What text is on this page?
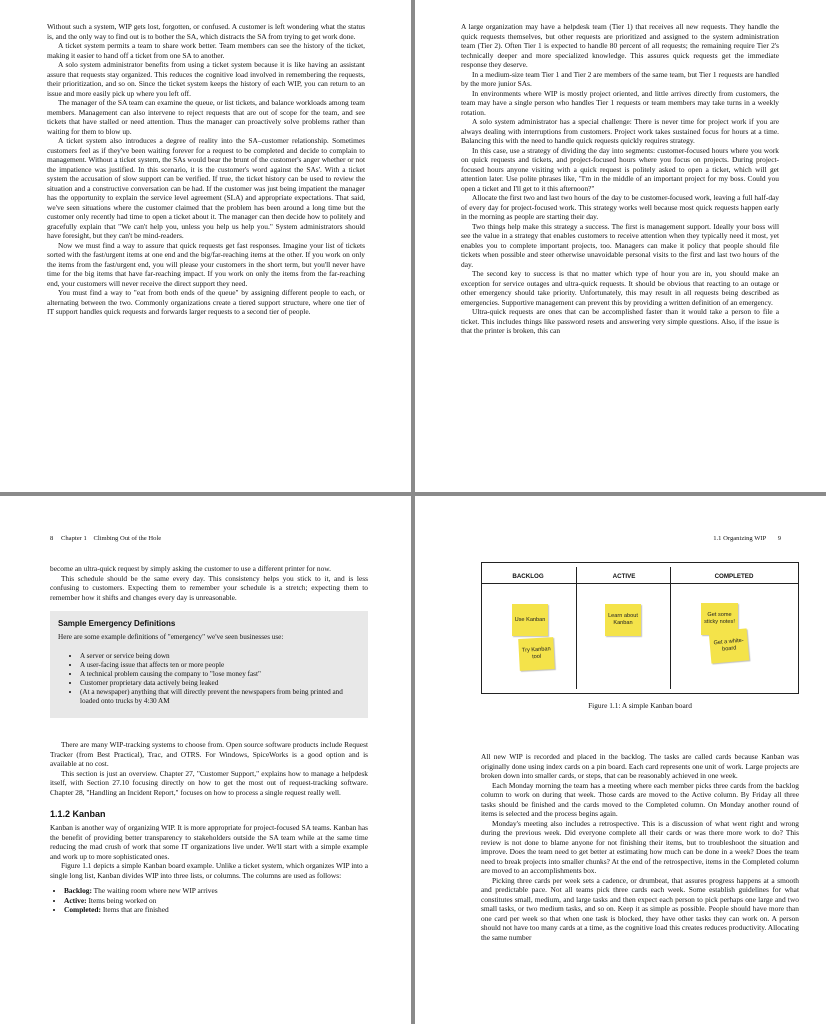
Without such a system, WIP gets lost, forgotten, or confused. A customer is left wondering what the status is, and the only way to find out is to bother the SA, which distracts the SA from trying to get work done.

A ticket system permits a team to share work better. Team members can see the history of the ticket, making it easier to hand off a ticket from one SA to another.

A solo system administrator benefits from using a ticket system because it is like having an assistant assure that requests stay organized. This reduces the cognitive load involved in remembering the requests, their prioritization, and so on. Since the ticket system keeps the history of each WIP, you can return to an issue and more easily pick up where you left off.

The manager of the SA team can examine the queue, or list tickets, and balance workloads among team members. Management can also intervene to reject requests that are out of scope for the team, and see tickets that have stalled or need attention. Thus the manager can proactively solve problems rather than waiting for them to blow up.

A ticket system also introduces a degree of reality into the SA–customer relationship. Sometimes customers feel as if they've been waiting forever for a request to be completed and decide to complain to management. Without a ticket system, the SAs would bear the brunt of the customer's anger whether or not the impatience was justified. In this scenario, it is the customer's word against the SAs'. With a ticket system the accusation of slow support can be verified. If true, the ticket history can be used to review the situation and a constructive conversation can be had. If the customer was just being impatient the manager has the opportunity to explain the service level agreement (SLA) and appropriate expectations. That said, we've seen situations where the customer claimed that the problem has been around a long time but the customer only recently had time to open a ticket about it. The manager can then decide how to politely and gracefully explain that "We can't help you, unless you help us help you." System administrators should have foresight, but they can't be mind-readers.

Now we must find a way to assure that quick requests get fast responses. Imagine your list of tickets sorted with the fast/urgent items at one end and the big/far-reaching items at the other. If you work on only the items from the fast/urgent end, you will please your customers in the short term, but you'll never have time for the big items that have far-reaching impact. If you work on only the items from the far-reaching end, your customers will never receive the direct support they need.

You must find a way to "eat from both ends of the queue" by assigning different people to each, or alternating between the two. Commonly organizations create a tiered support structure, where one tier of IT support handles quick requests and forwards larger requests to a second tier of people.

A large organization may have a helpdesk team (Tier 1) that receives all new requests. They handle the quick requests themselves, but other requests are prioritized and assigned to the system administration team (Tier 2). Often Tier 1 is expected to handle 80 percent of all requests; the remaining require Tier 2's technically deeper and more specialized knowledge. This assures quick requests get the immediate response they deserve.

In a medium-size team Tier 1 and Tier 2 are members of the same team, but Tier 1 requests are handled by the more junior SAs.

In environments where WIP is mostly project oriented, and little arrives directly from customers, the team may have a single person who handles Tier 1 requests or team members may take turns in a weekly rotation.

A solo system administrator has a special challenge: There is never time for project work if you are always dealing with interruptions from customers. Project work takes sustained focus for hours at a time. Balancing this with the need to handle quick requests quickly requires strategy.

In this case, use a strategy of dividing the day into segments: customer-focused hours where you work on quick requests and tickets, and project-focused hours where you focus on projects. During project-focused hours anyone visiting with a quick request is politely asked to open a ticket, which will get attention later. Use polite phrases like, "I'm in the middle of an important project for my boss. Could you open a ticket and I'll get to it this afternoon?"

Allocate the first two and last two hours of the day to be customer-focused work, leaving a full half-day of every day for project-focused work. This strategy works well because most quick requests happen early in the morning as people are starting their day.

Two things help make this strategy a success. The first is management support. Ideally your boss will see the value in a strategy that enables customers to receive attention when they typically need it most, yet enables you to complete important projects, too. Managers can make it policy that people should file tickets when possible and steer otherwise unavoidable personal visits to the first and last two hours of the day.

The second key to success is that no matter which type of hour you are in, you should make an exception for service outages and ultra-quick requests. It should be obvious that reacting to an outage or other emergency should take priority. Unfortunately, this may result in all requests being described as emergencies. Supportive management can prevent this by providing a written definition of an emergency.

Ultra-quick requests are ones that can be accomplished faster than it would take a person to file a ticket. This includes things like password resets and answering very simple questions. Also, if the issue is that the printer is broken, this can

8 Chapter 1 Climbing Out of the Hole

become an ultra-quick request by simply asking the customer to use a different printer for now.

This schedule should be the same every day. This consistency helps you stick to it, and is less confusing to customers. Expecting them to remember your schedule is a stretch; expecting them to remember how it shifts and changes every day is unreasonable.

Sample Emergency Definitions

Here are some example definitions of "emergency" we've seen businesses use:

• A server or service being down
• A user-facing issue that affects ten or more people
• A technical problem causing the company to "lose money fast"
• Customer proprietary data actively being leaked
• (At a newspaper) anything that will directly prevent the newspapers from being printed and loaded onto trucks by 4:30 AM

There are many WIP-tracking systems to choose from. Open source software products include Request Tracker (from Best Practical), Trac, and OTRS. For Windows, SpiceWorks is a good option and is available at no cost.

This section is just an overview. Chapter 27, "Customer Support," explains how to manage a helpdesk itself, with Section 27.10 focusing directly on how to get the most out of request-tracking software. Chapter 28, "Handling an Incident Report," focuses on how to process a single request really well.

1.1.2 Kanban

Kanban is another way of organizing WIP. It is more appropriate for project-focused SA teams. Kanban has the benefit of providing better transparency to stakeholders outside the SA team while at the same time reducing the mad crush of work that some IT organizations live under. We'll start with a simple example and work up to more sophisticated ones.

Figure 1.1 depicts a simple Kanban board example. Unlike a ticket system, which organizes WIP into a single long list, Kanban divides WIP into three lists, or columns. The columns are used as follows:

• Backlog: The waiting room where new WIP arrives
• Active: Items being worked on
• Completed: Items that are finished
1.1 Organizing WIP 9
BACKLOG	ACTIVE	COMPLETED
Use Kanban
Try Kanban tool
Learn about Kanban
Get some sticky notes!
Get a white-board

Figure 1.1: A simple Kanban board

All new WIP is recorded and placed in the backlog. The tasks are called cards because Kanban was originally done using index cards on a pin board. Each card represents one unit of work. Large projects are broken down into smaller cards, or steps, that can be reasonably achieved in one week.

Each Monday morning the team has a meeting where each member picks three cards from the backlog column to work on during that week. Those cards are moved to the Active column. By Friday all three tasks should be finished and the cards moved to the Completed column. On Monday another round of items is selected and the process begins again.

Monday's meeting also includes a retrospective. This is a discussion of what went right and wrong during the previous week. Did everyone complete all their cards or was there more work to do? This review is not done to blame anyone for not finishing their items, but to troubleshoot the situation and improve. Does the team need to get better at estimating how much can be done in a week? Does the team need to break projects into smaller chunks? At the end of the retrospective, items in the Completed column are moved to an accomplishments box.

Picking three cards per week sets a cadence, or drumbeat, that assures progress happens at a smooth and predictable pace. Not all teams pick three cards each week. Some establish guidelines for what constitutes small, medium, and large tasks and then expect each person to pick perhaps one large and two small tasks, or two medium tasks, and so on. Keep it as simple as possible. People should have more than one card per week so that when one task is blocked, they have other tasks they can work on. A person should not have too many cards at a time, as the cognitive load this creates reduces productivity. Allocating the same number
